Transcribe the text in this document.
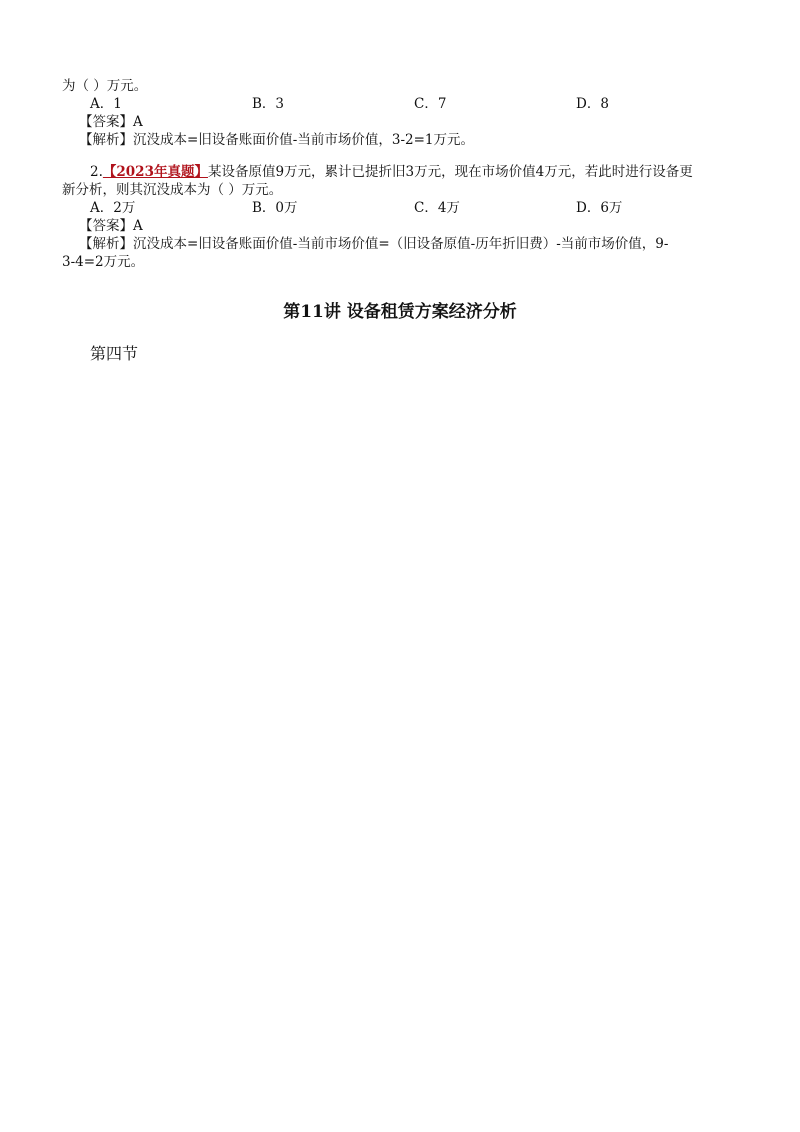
为（ ）万元。
A．1	B．3	C．7	D．8
【答案】A
【解析】沉没成本=旧设备账面价值-当前市场价值，3-2=1万元。
2.【2023年真题】某设备原值9万元，累计已提折旧3万元，现在市场价值4万元，若此时进行设备更
新分析，则其沉没成本为（ ）万元。
A．2万	B．0万	C．4万	D．6万
【答案】A
【解析】沉没成本=旧设备账面价值-当前市场价值=（旧设备原值-历年折旧费）-当前市场价值，9-
3-4=2万元。
第11讲 设备租赁方案经济分析
第四节
